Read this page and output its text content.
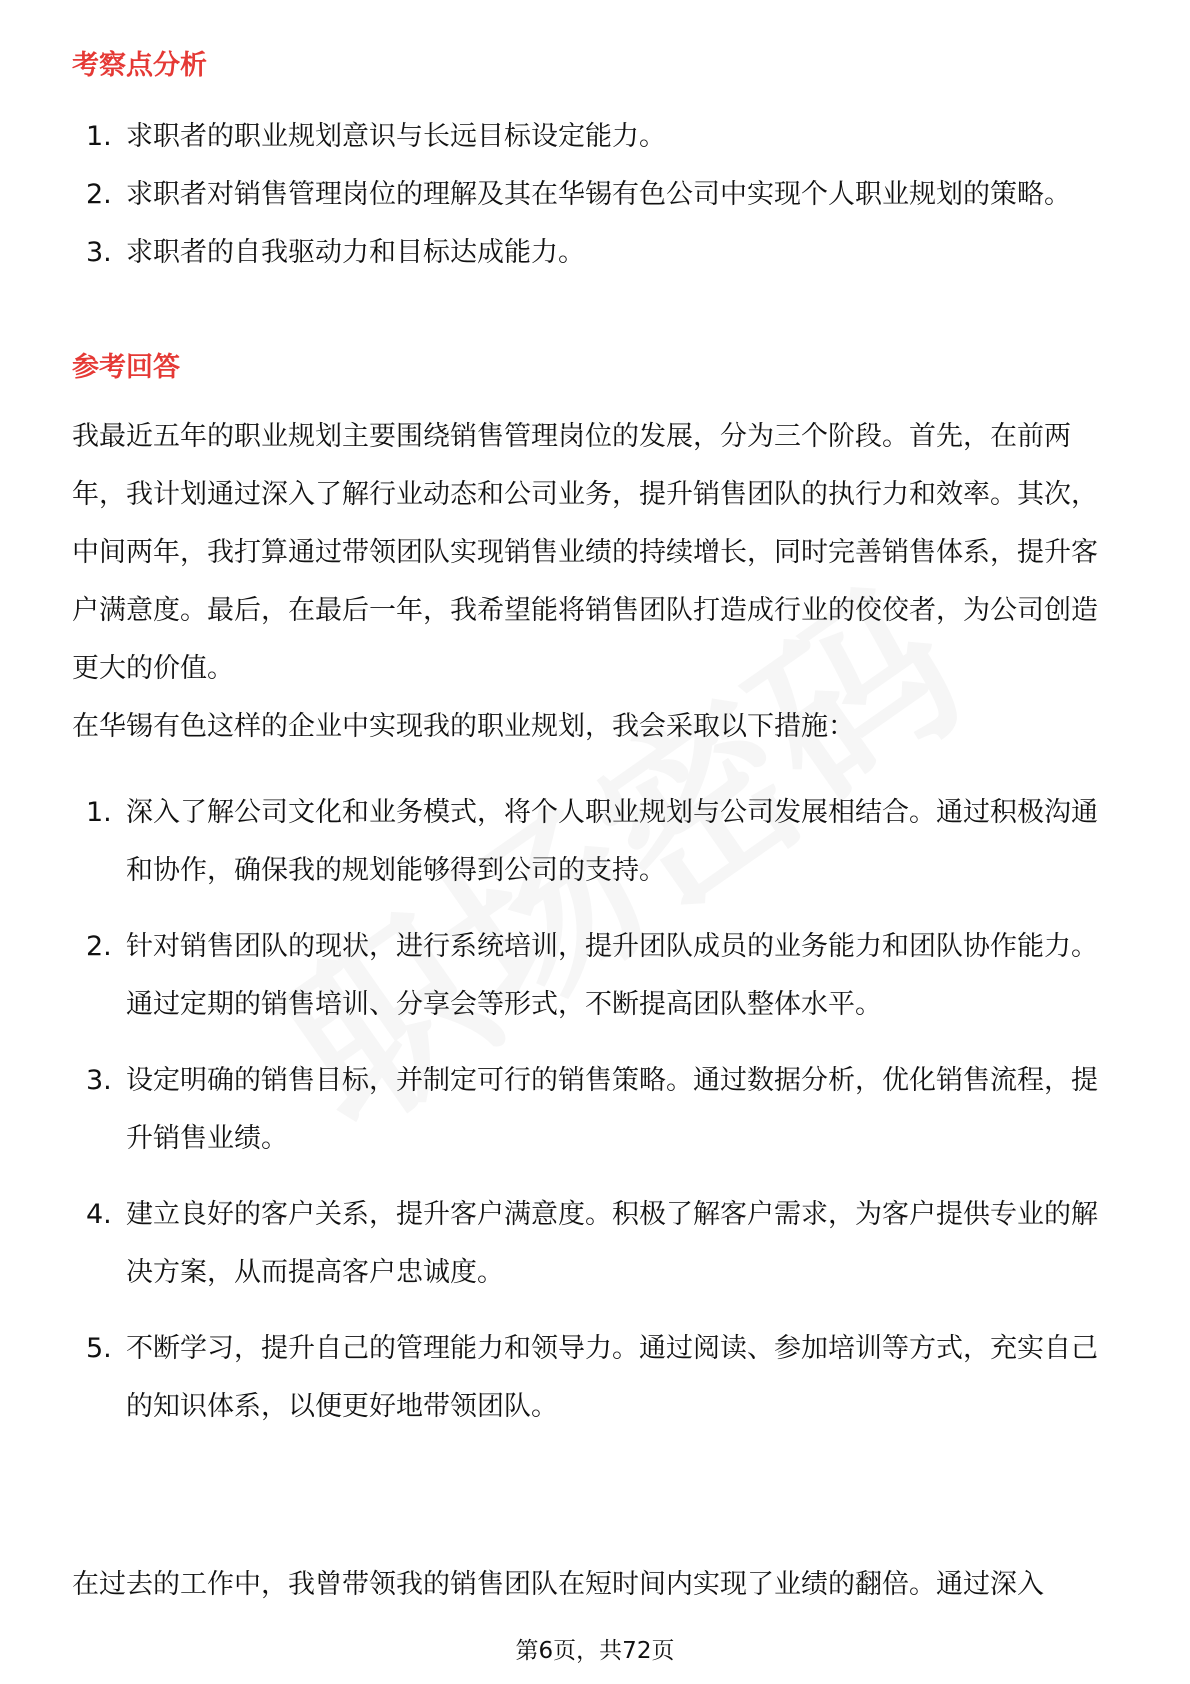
考察点分析
1. 求职者的职业规划意识与长远目标设定能力。
2. 求职者对销售管理岗位的理解及其在华锡有色公司中实现个人职业规划的策略。
3. 求职者的自我驱动力和目标达成能力。
参考回答

我最近五年的职业规划主要围绕销售管理岗位的发展，分为三个阶段。首先，在前两年，我计划通过深入了解行业动态和公司业务，提升销售团队的执行力和效率。其次，中间两年，我打算通过带领团队实现销售业绩的持续增长，同时完善销售体系，提升客户满意度。最后，在最后一年，我希望能将销售团队打造成行业的佼佼者，为公司创造更大的价值。

在华锡有色这样的企业中实现我的职业规划，我会采取以下措施：

1. 深入了解公司文化和业务模式，将个人职业规划与公司发展相结合。通过积极沟通和协作，确保我的规划能够得到公司的支持。
2. 针对销售团队的现状，进行系统培训，提升团队成员的业务能力和团队协作能力。通过定期的销售培训、分享会等形式，不断提高团队整体水平。
3. 设定明确的销售目标，并制定可行的销售策略。通过数据分析，优化销售流程，提升销售业绩。
4. 建立良好的客户关系，提升客户满意度。积极了解客户需求，为客户提供专业的解决方案，从而提高客户忠诚度。
5. 不断学习，提升自己的管理能力和领导力。通过阅读、参加培训等方式，充实自己的知识体系，以便更好地带领团队。

在过去的工作中，我曾带领我的销售团队在短时间内实现了业绩的翻倍。通过深入

第6页，共72页
